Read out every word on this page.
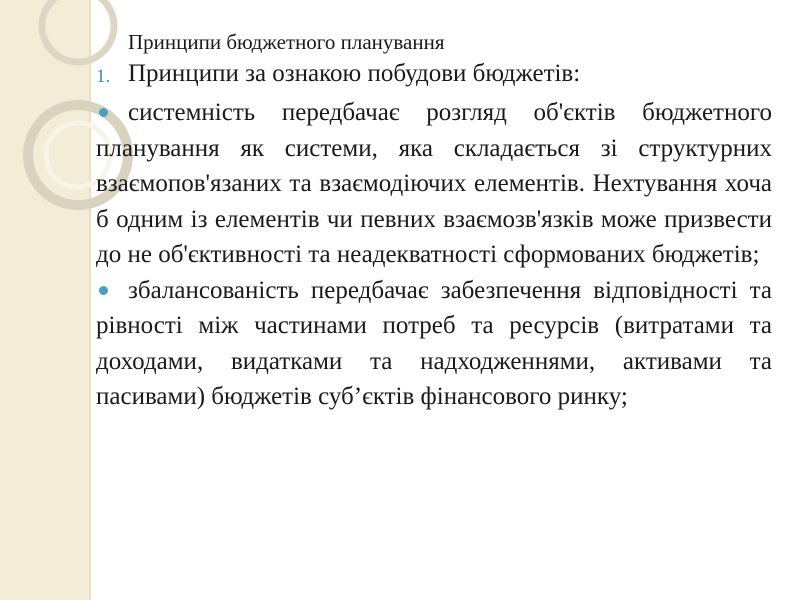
Принципи бюджетного планування
1. Принципи за ознакою побудови бюджетів:

системність передбачає розгляд об'єктів бюджетного планування як системи, яка складається зі структурних взаємопов'язаних та взаємодіючих елементів. Нехтування хоча б одним із елементів чи певних взаємозв'язків може призвести до не об'єктивності та неадекватності сформованих бюджетів;

збалансованість передбачає забезпечення відповідності та рівності між частинами потреб та ресурсів (витратами та доходами, видатками та надходженнями, активами та пасивами) бюджетів суб’єктів фінансового ринку;
